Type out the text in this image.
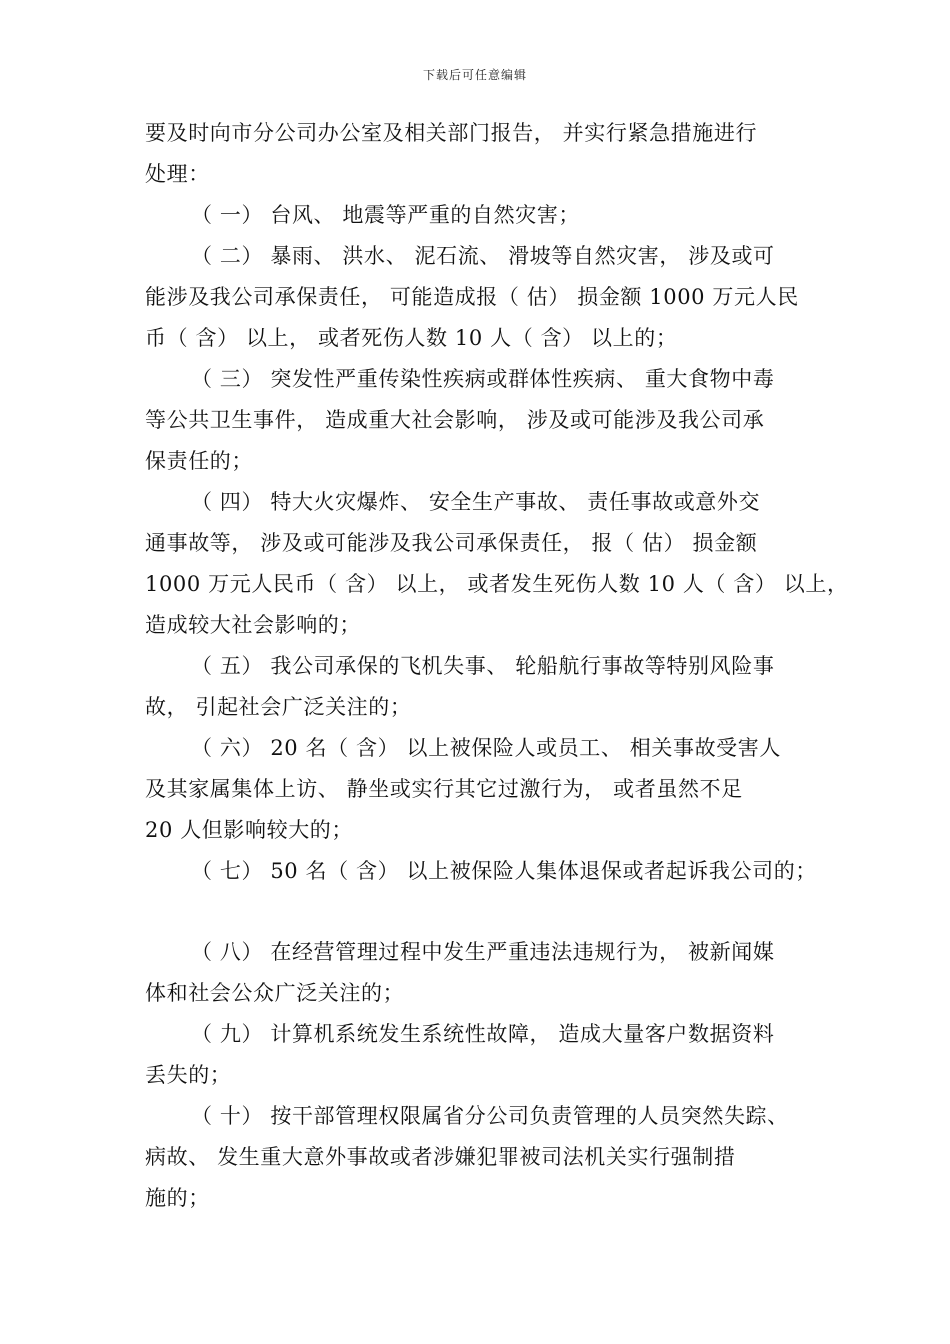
下载后可任意编辑
要及时向市分公司办公室及相关部门报告， 并实行紧急措施进行
处理：
（ 一） 台风、 地震等严重的自然灾害；
（ 二） 暴雨、 洪水、 泥石流、 滑坡等自然灾害， 涉及或可
能涉及我公司承保责任， 可能造成报（ 估） 损金额 1000 万元人民
币（ 含） 以上， 或者死伤人数 10 人（ 含） 以上的；
（ 三） 突发性严重传染性疾病或群体性疾病、 重大食物中毒
等公共卫生事件， 造成重大社会影响， 涉及或可能涉及我公司承
保责任的；
（ 四） 特大火灾爆炸、 安全生产事故、 责任事故或意外交
通事故等， 涉及或可能涉及我公司承保责任， 报（ 估） 损金额
1000 万元人民币（ 含） 以上， 或者发生死伤人数 10 人（ 含） 以上，
造成较大社会影响的；
（ 五） 我公司承保的飞机失事、 轮船航行事故等特别风险事
故， 引起社会广泛关注的；
（ 六） 20 名（ 含） 以上被保险人或员工、 相关事故受害人
及其家属集体上访、 静坐或实行其它过激行为， 或者虽然不足
20 人但影响较大的；
（ 七） 50 名（ 含） 以上被保险人集体退保或者起诉我公司的；
（ 八） 在经营管理过程中发生严重违法违规行为， 被新闻媒
体和社会公众广泛关注的；
（ 九） 计算机系统发生系统性故障， 造成大量客户数据资料
丢失的；
（ 十） 按干部管理权限属省分公司负责管理的人员突然失踪、
病故、 发生重大意外事故或者涉嫌犯罪被司法机关实行强制措
施的；
